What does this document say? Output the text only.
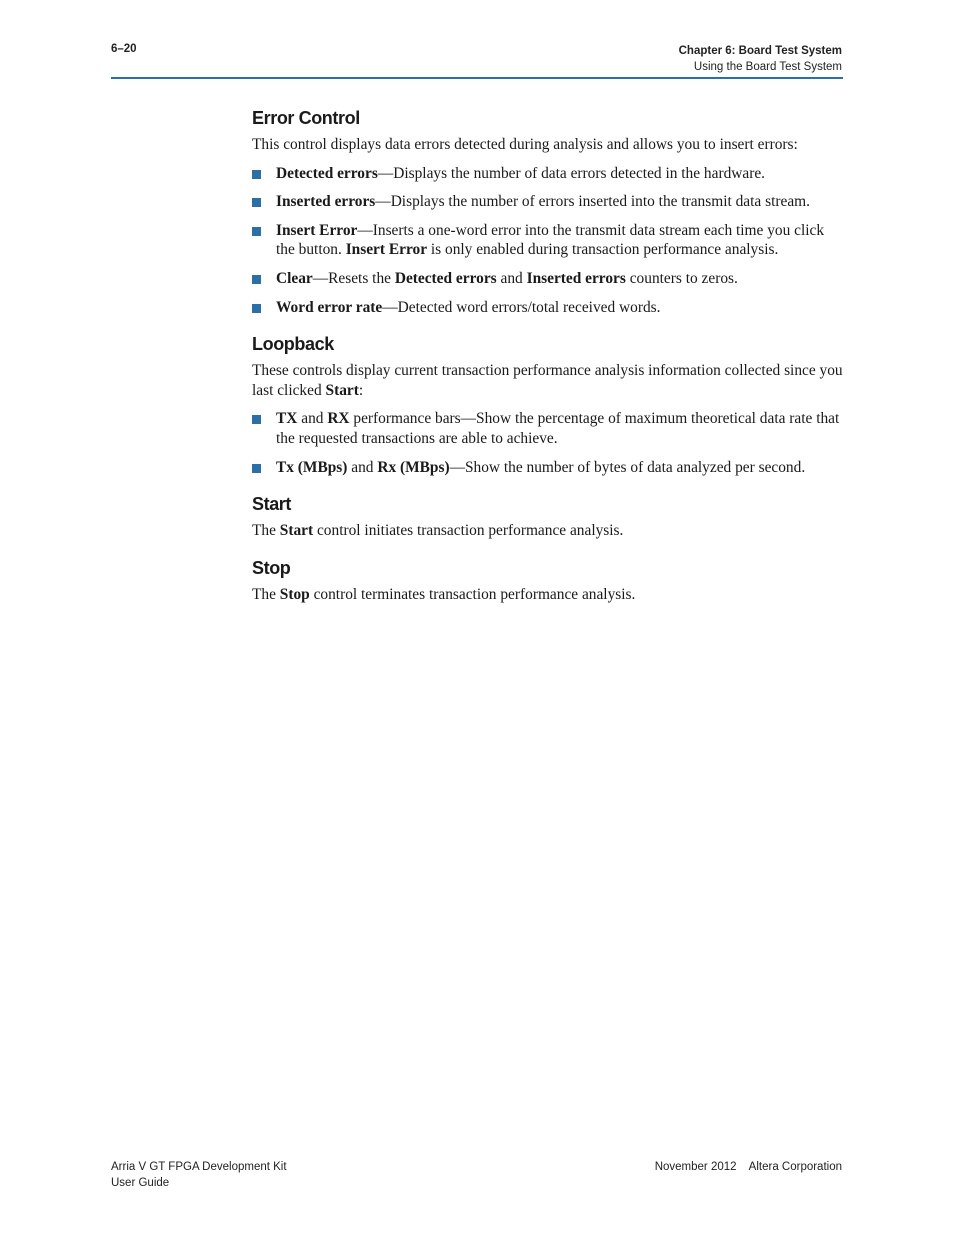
6–20	Chapter 6: Board Test System
Using the Board Test System
Error Control

This control displays data errors detected during analysis and allows you to insert errors:

Detected errors—Displays the number of data errors detected in the hardware.
Inserted errors—Displays the number of errors inserted into the transmit data stream.
Insert Error—Inserts a one-word error into the transmit data stream each time you click the button. Insert Error is only enabled during transaction performance analysis.
Clear—Resets the Detected errors and Inserted errors counters to zeros.
Word error rate—Detected word errors/total received words.
Loopback

These controls display current transaction performance analysis information collected since you last clicked Start:

TX and RX performance bars—Show the percentage of maximum theoretical data rate that the requested transactions are able to achieve.
Tx (MBps) and Rx (MBps)—Show the number of bytes of data analyzed per second.
Start

The Start control initiates transaction performance analysis.

Stop

The Stop control terminates transaction performance analysis.

Arria V GT FPGA Development Kit
User Guide
November 2012    Altera Corporation
